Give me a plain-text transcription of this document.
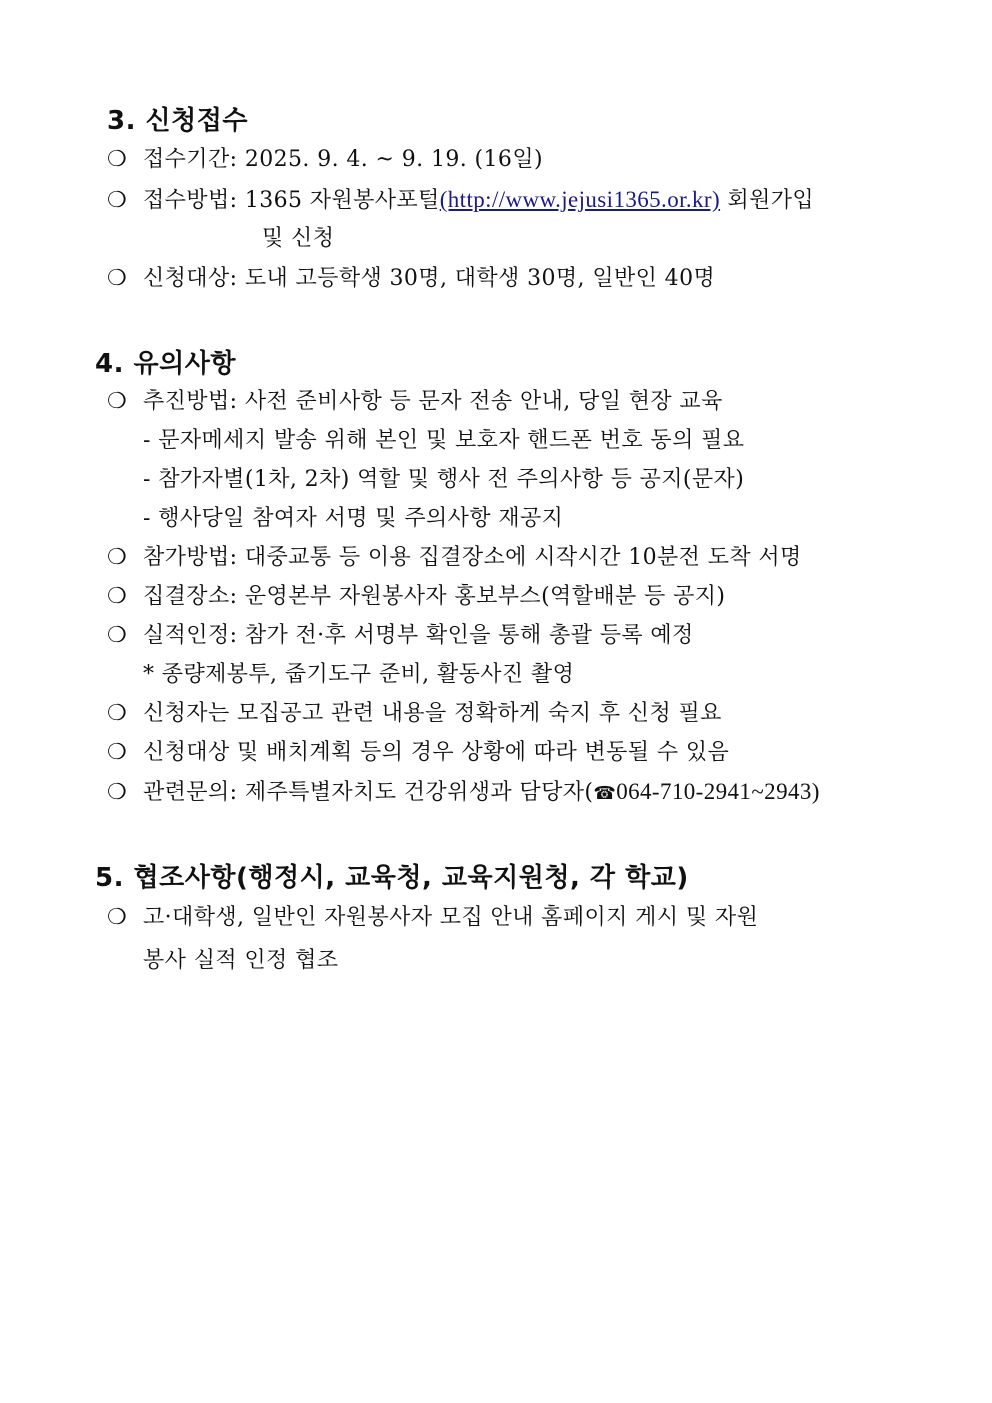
3. 신청접수
❍ 접수기간: 2025. 9. 4. ~ 9. 19. (16일)
❍ 접수방법: 1365 자원봉사포털(http://www.jejusi1365.or.kr) 회원가입
및 신청
❍ 신청대상: 도내 고등학생 30명, 대학생 30명, 일반인 40명
4. 유의사항
❍ 추진방법: 사전 준비사항 등 문자 전송 안내, 당일 현장 교육
- 문자메세지 발송 위해 본인 및 보호자 핸드폰 번호 동의 필요
- 참가자별(1차, 2차) 역할 및 행사 전 주의사항 등 공지(문자)
- 행사당일 참여자 서명 및 주의사항 재공지
❍ 참가방법: 대중교통 등 이용 집결장소에 시작시간 10분전 도착 서명
❍ 집결장소: 운영본부 자원봉사자 홍보부스(역할배분 등 공지)
❍ 실적인정: 참가 전·후 서명부 확인을 통해 총괄 등록 예정
* 종량제봉투, 줍기도구 준비, 활동사진 촬영
❍ 신청자는 모집공고 관련 내용을 정확하게 숙지 후 신청 필요
❍ 신청대상 및 배치계획 등의 경우 상황에 따라 변동될 수 있음
❍ 관련문의: 제주특별자치도 건강위생과 담당자(☎064-710-2941~2943)
5. 협조사항(행정시, 교육청, 교육지원청, 각 학교)
❍ 고·대학생, 일반인 자원봉사자 모집 안내 홈페이지 게시 및 자원
봉사 실적 인정 협조
